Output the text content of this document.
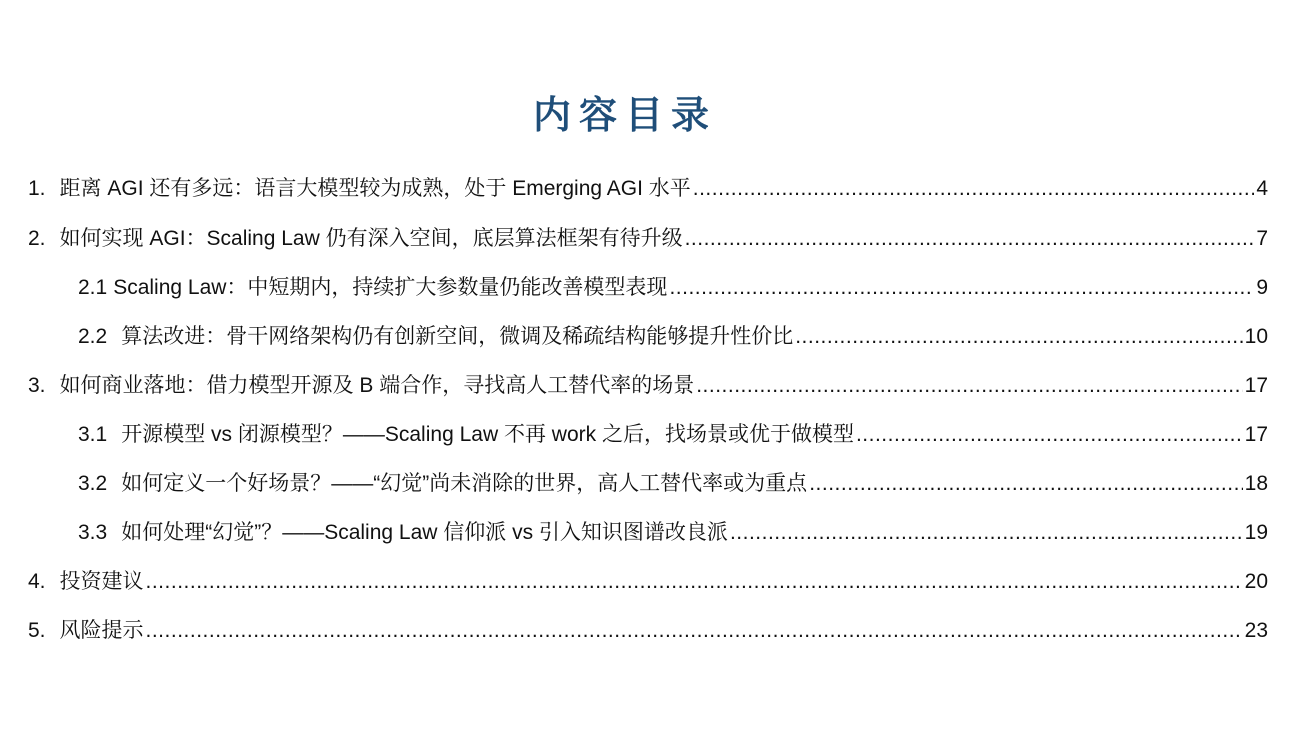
内容目录
1. 距离 AGI 还有多远：语言大模型较为成熟，处于 Emerging AGI 水平 .....	4
2. 如何实现 AGI：Scaling Law 仍有深入空间，底层算法框架有待升级 .....	7
2.1 Scaling Law：中短期内，持续扩大参数量仍能改善模型表现 .....	9
2.2 算法改进：骨干网络架构仍有创新空间，微调及稀疏结构能够提升性价比 .....	10
3. 如何商业落地：借力模型开源及 B 端合作，寻找高人工替代率的场景 .....	17
3.1 开源模型 vs 闭源模型？——Scaling Law 不再 work 之后，找场景或优于做模型 .....	17
3.2 如何定义一个好场景？——“幻觉”尚未消除的世界，高人工替代率或为重点 .....	18
3.3 如何处理“幻觉”？——Scaling Law 信仰派 vs 引入知识图谱改良派 .....	19
4. 投资建议 .....	20
5. 风险提示 .....	23
